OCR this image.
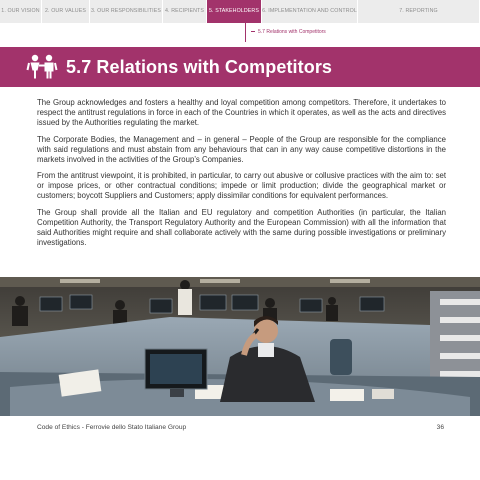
1. OUR VISION	2. OUR VALUES 3. OUR RESPONSIBILITIES 4. RECIPIENTS 5. STAKEHOLDERS 6. IMPLEMENTATION AND CONTROL	7. REPORTING
5.7 Relations with Competitors
5.7 Relations with Competitors

The Group acknowledges and fosters a healthy and loyal competition among competitors. Therefore, it undertakes to respect the antitrust regulations in force in each of the Countries in which it operates, as well as the acts and directives issued by the Authorities regulating the market.

The Corporate Bodies, the Management and – in general – People of the Group are responsible for the compliance with said regulations and must abstain from any behaviours that can in any way cause competitive distortions in the markets involved in the activities of the Group’s Companies.

From the antitrust viewpoint, it is prohibited, in particular, to carry out abusive or collusive practices with the aim to: set or impose prices, or other contractual conditions; impede or limit production; divide the geographical market or customers; boycott Suppliers and Customers; apply dissimilar conditions for equivalent performances.

The Group shall provide all the Italian and EU regulatory and competition Authorities (in particular, the Italian Competition Authority, the Transport Regulatory Authority and the European Commission) with all the information that said Authorities might require and shall collaborate actively with the same during possible investigations or preliminary investigations.

Code of Ethics - Ferrovie dello Stato Italiane Group	36
